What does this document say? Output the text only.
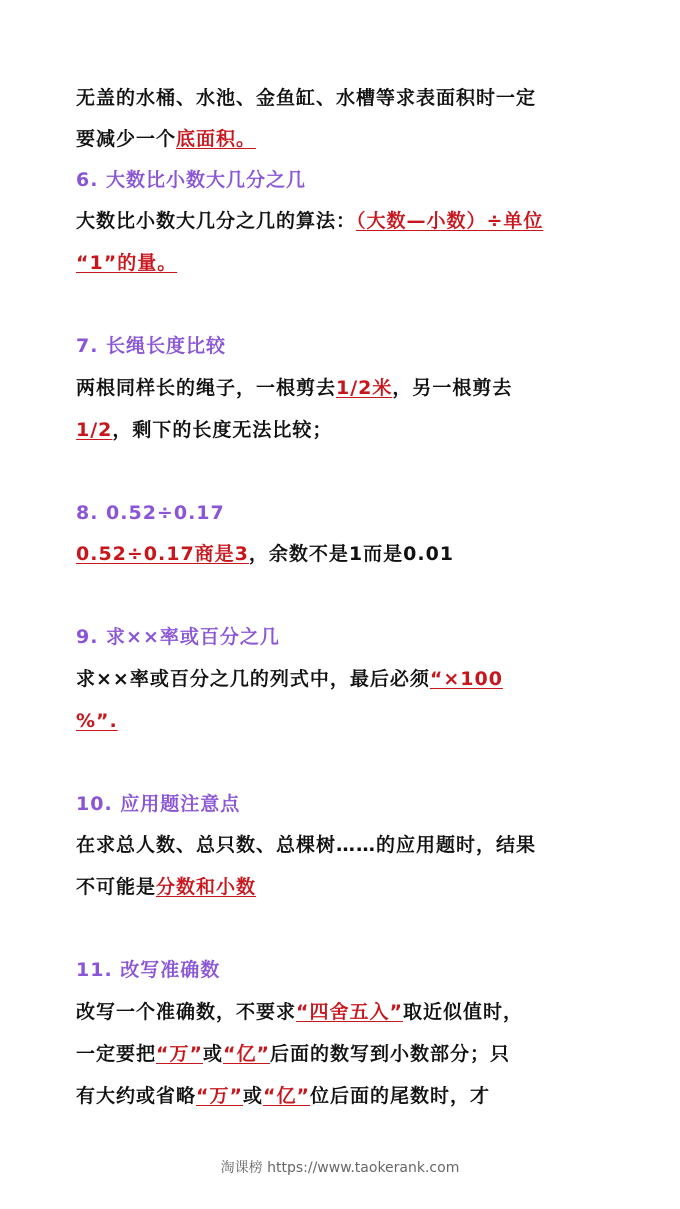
无盖的水桶、水池、金鱼缸、水槽等求表面积时一定
要减少一个底面积。
6. 大数比小数大几分之几
大数比小数大几分之几的算法：（大数—小数）÷单位
“1”的量。
7. 长绳长度比较
两根同样长的绳子，一根剪去1/2米，另一根剪去
1/2，剩下的长度无法比较；
8. 0.52÷0.17
0.52÷0.17商是3，余数不是1而是0.01
9. 求××率或百分之几
求××率或百分之几的列式中，最后必须“×100
%”.
10. 应用题注意点
在求总人数、总只数、总棵树……的应用题时，结果
不可能是分数和小数
11. 改写准确数
改写一个准确数，不要求“四舍五入”取近似值时，
一定要把“万”或“亿”后面的数写到小数部分；只
有大约或省略“万”或“亿”位后面的尾数时，才
淘课榜 https://www.taokerank.com
